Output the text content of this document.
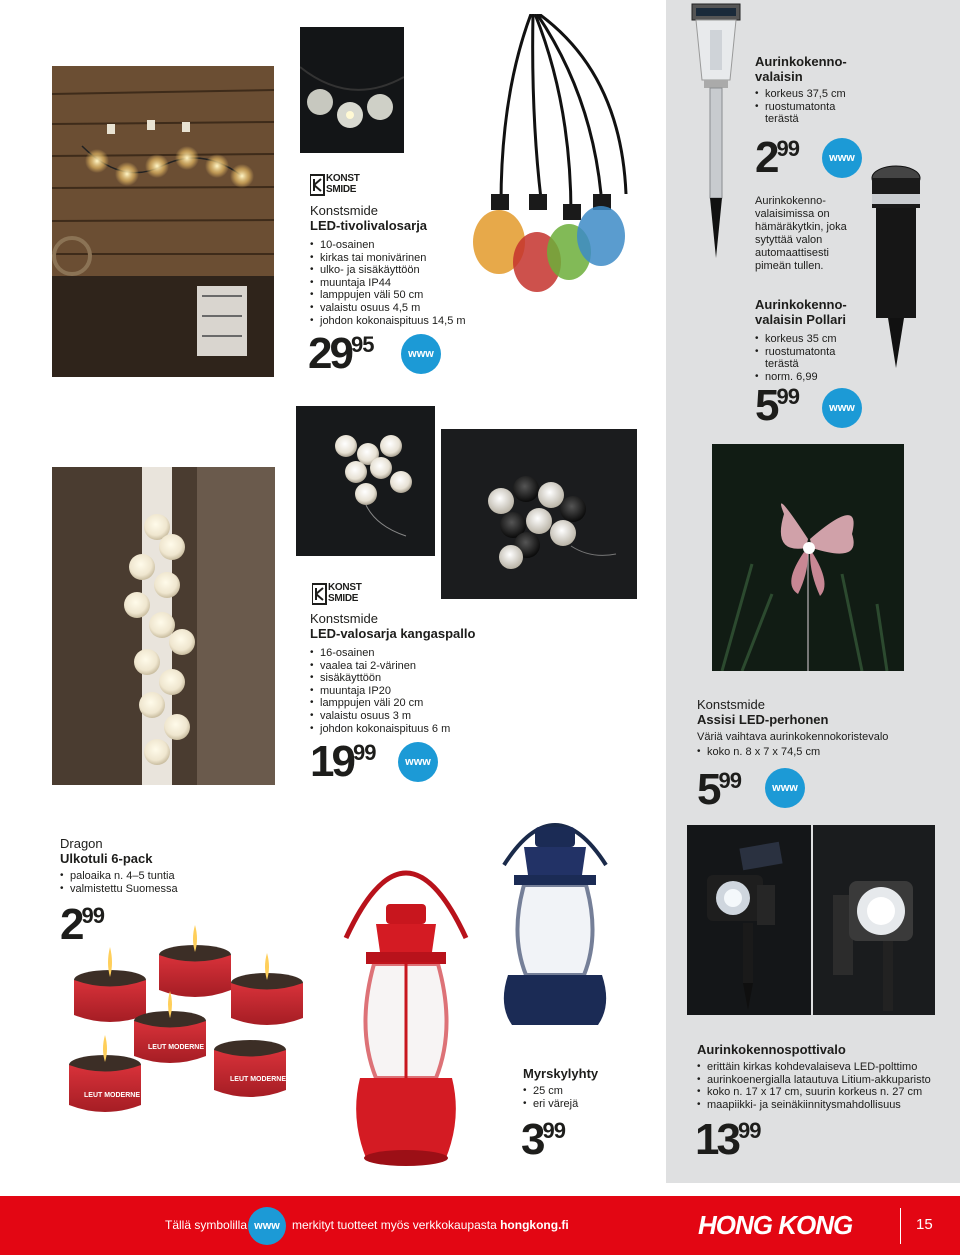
KONST
SMIDE
Konstsmide
LED-tivolivalosarja
• 10-osainen
• kirkas tai monivärinen
• ulko- ja sisäkäyttöön
• muuntaja IP44
• lamppujen väli 50 cm
• valaistu osuus 4,5 m
• johdon kokonaispituus 14,5 m
2995	www
Aurinkokenno-
valaisin
• korkeus 37,5 cm
• ruostumatonta terästä
299	www
Aurinkokenno-valaisimissa on hämäräkytkin, joka sytyttää valon automaattisesti pimeän tullen.
Aurinkokenno-
valaisin Pollari
• korkeus 35 cm
• ruostumatonta terästä
• norm. 6,99
599	www
KONST
SMIDE
Konstsmide
LED-valosarja kangaspallo
• 16-osainen
• vaalea tai 2-värinen
• sisäkäyttöön
• muuntaja IP20
• lamppujen väli 20 cm
• valaistu osuus 3 m
• johdon kokonaispituus 6 m
1999	www
Konstsmide
Assisi LED-perhonen
Väriä vaihtava aurinkokennokoristevalo
• koko n. 8 x 7 x 74,5 cm
599	www
Dragon
Ulkotuli 6-pack
• paloaika n. 4–5 tuntia
• valmistettu Suomessa
299
LEUT MODERNE
LEUT MODERNE
LEUT MODERNE	Myrskylyhty
• 25 cm
• eri värejä
399
Aurinkokennospottivalo
• erittäin kirkas kohdevalaiseva LED-polttimo
• aurinkoenergialla latautuva Litium-akkuparisto
• koko n. 17 x 17 cm, suurin korkeus n. 27 cm
• maapiikki- ja seinäkiinnitysmahdollisuus
1399
Tällä symbolilla www	merkityt tuotteet myös verkkokaupasta hongkong.fi	HONG KONG	15
